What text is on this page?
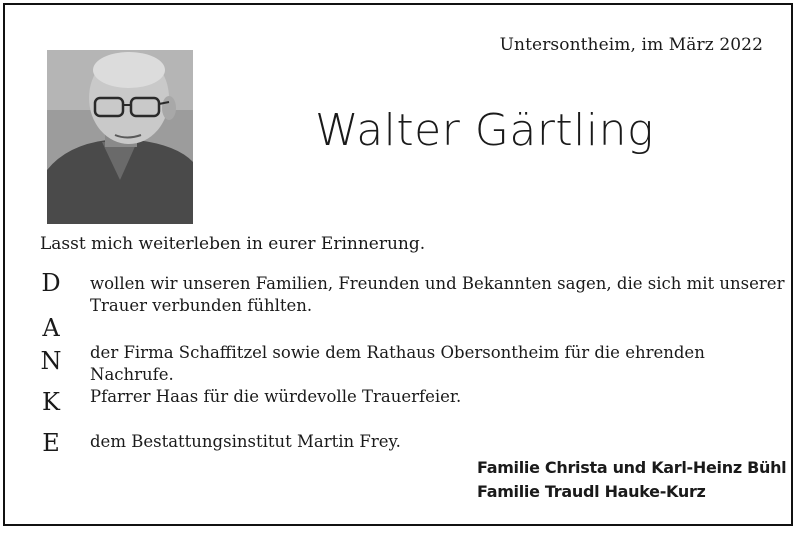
Untersontheim, im März 2022
Walter Gärtling
Lasst mich weiterleben in eurer Erinnerung.
D
A
N
K
E
wollen wir unseren Familien, Freunden und Bekannten sagen, die sich mit unserer
Trauer verbunden fühlten.
der Firma Schaffitzel sowie dem Rathaus Obersontheim für die ehrenden Nachrufe.
Pfarrer Haas für die würdevolle Trauerfeier.
dem Bestattungsinstitut Martin Frey.
Familie Christa und Karl-Heinz Bühl
Familie Traudl Hauke-Kurz
